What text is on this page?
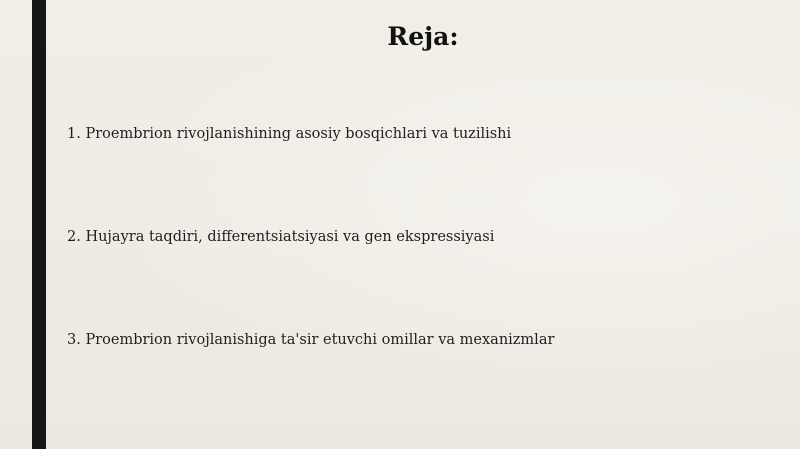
Reja:
1. Proembrion rivojlanishining asosiy bosqichlari va tuzilishi
2. Hujayra taqdiri, differentsiatsiyasi va gen ekspressiyasi
3. Proembrion rivojlanishiga ta'sir etuvchi omillar va mexanizmlar
